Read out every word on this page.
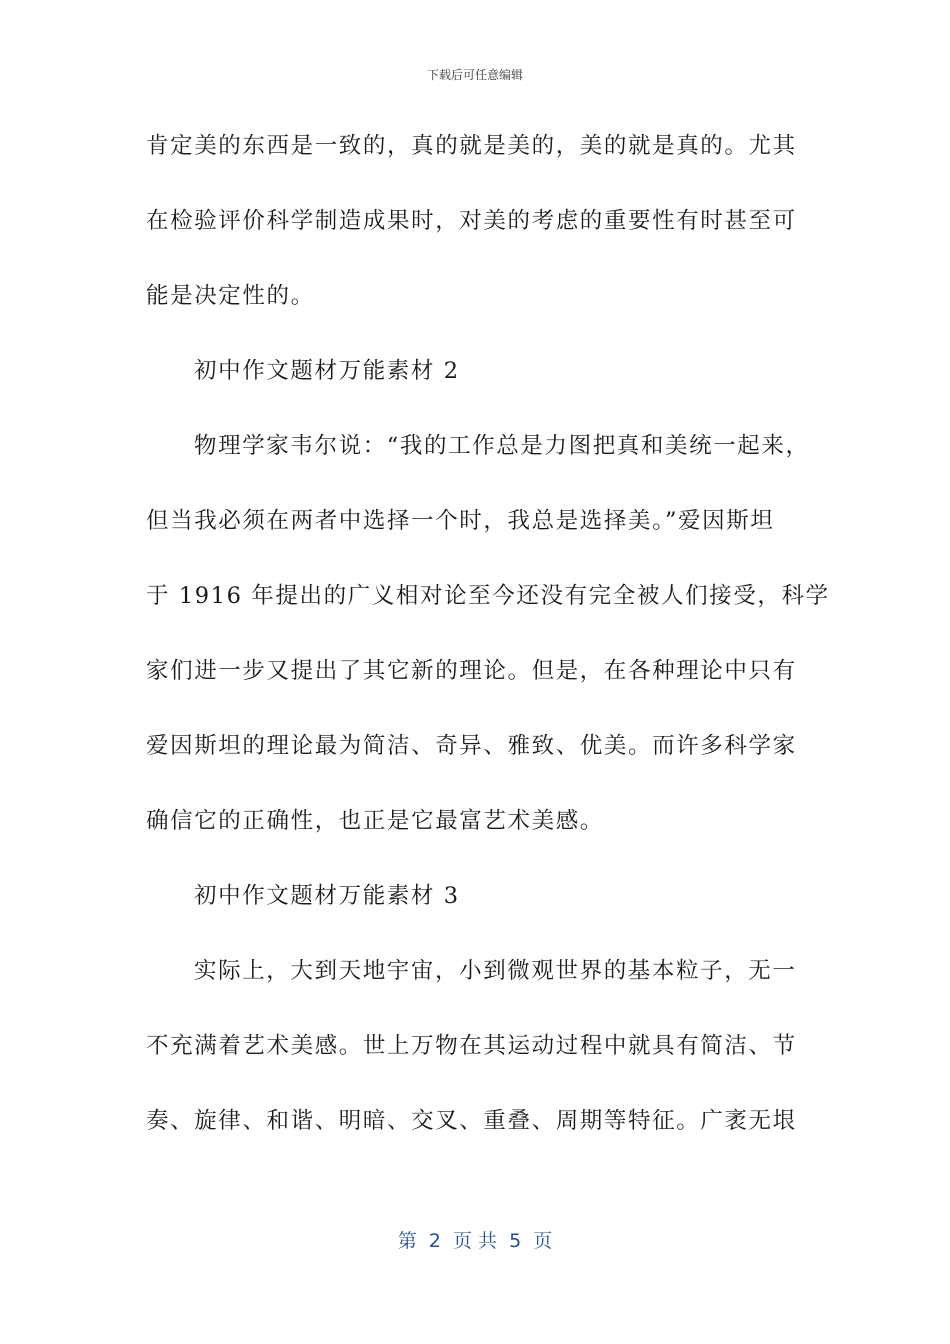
下载后可任意编辑
肯定美的东西是一致的，真的就是美的，美的就是真的。尤其
在检验评价科学制造成果时，对美的考虑的重要性有时甚至可
能是决定性的。
初中作文题材万能素材 2
物理学家韦尔说：“我的工作总是力图把真和美统一起来，
但当我必须在两者中选择一个时，我总是选择美。”爱因斯坦
于 1916 年提出的广义相对论至今还没有完全被人们接受，科学
家们进一步又提出了其它新的理论。但是，在各种理论中只有
爱因斯坦的理论最为简洁、奇异、雅致、优美。而许多科学家
确信它的正确性，也正是它最富艺术美感。
初中作文题材万能素材 3
实际上，大到天地宇宙，小到微观世界的基本粒子，无一
不充满着艺术美感。世上万物在其运动过程中就具有简洁、节
奏、旋律、和谐、明暗、交叉、重叠、周期等特征。广袤无垠
第  2  页 共  5  页
